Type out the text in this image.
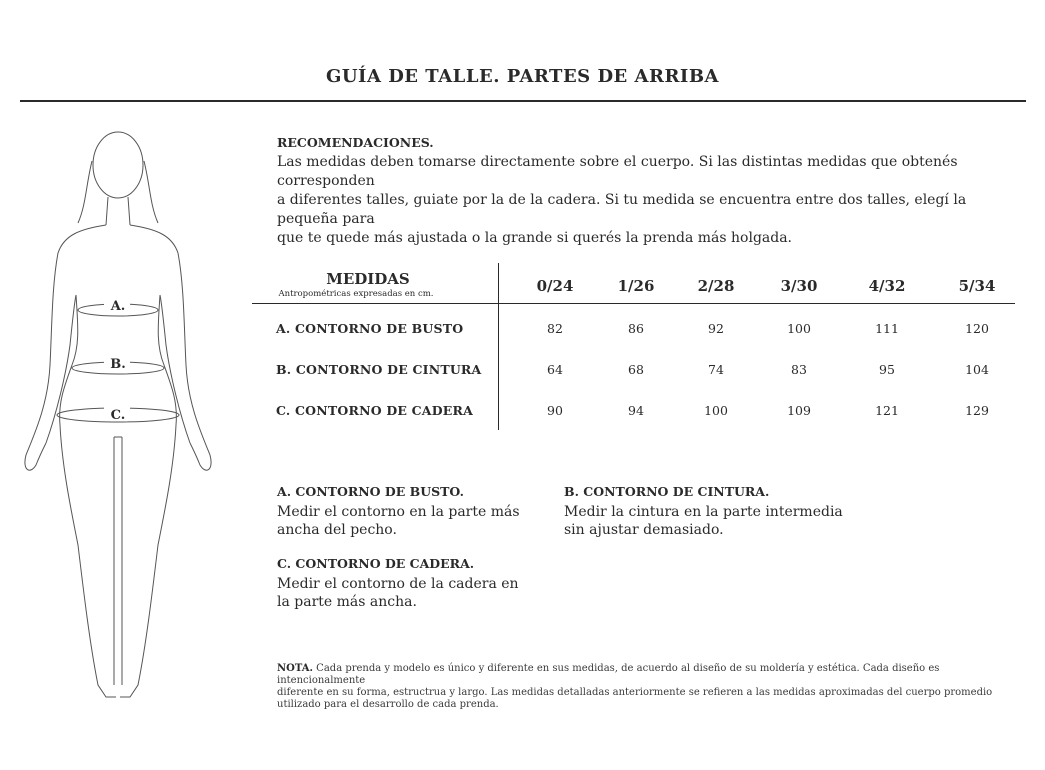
GUÍA DE TALLE. PARTES DE ARRIBA
A.
B.
C.
RECOMENDACIONES.
Las medidas deben tomarse directamente sobre el cuerpo. Si las distintas medidas que obtenés corresponden
a diferentes talles, guiate por la de la cadera. Si tu medida se encuentra entre dos talles, elegí la pequeña para
que te quede más ajustada o la grande si querés la prenda más holgada.
MEDIDAS
Antropométricas expresadas en cm.	0/24	1/26	2/28	3/30	4/32	5/34
A. CONTORNO DE BUSTO	82	86	92	100	111	120
B. CONTORNO DE CINTURA	64	68	74	83	95	104
C. CONTORNO DE CADERA	90	94	100	109	121	129
A. CONTORNO DE BUSTO.
Medir el contorno en la parte más
ancha del pecho.
B. CONTORNO DE CINTURA.
Medir la cintura en la parte intermedia
sin ajustar demasiado.
C. CONTORNO DE CADERA.
Medir el contorno de la cadera en
la parte más ancha.
NOTA. Cada prenda y modelo es único y diferente en sus medidas, de acuerdo al diseño de su moldería y estética. Cada diseño es intencionalmente
diferente en su forma, estructrua y largo. Las medidas detalladas anteriormente se refieren a las medidas aproximadas del cuerpo promedio
utilizado para el desarrollo de cada prenda.
